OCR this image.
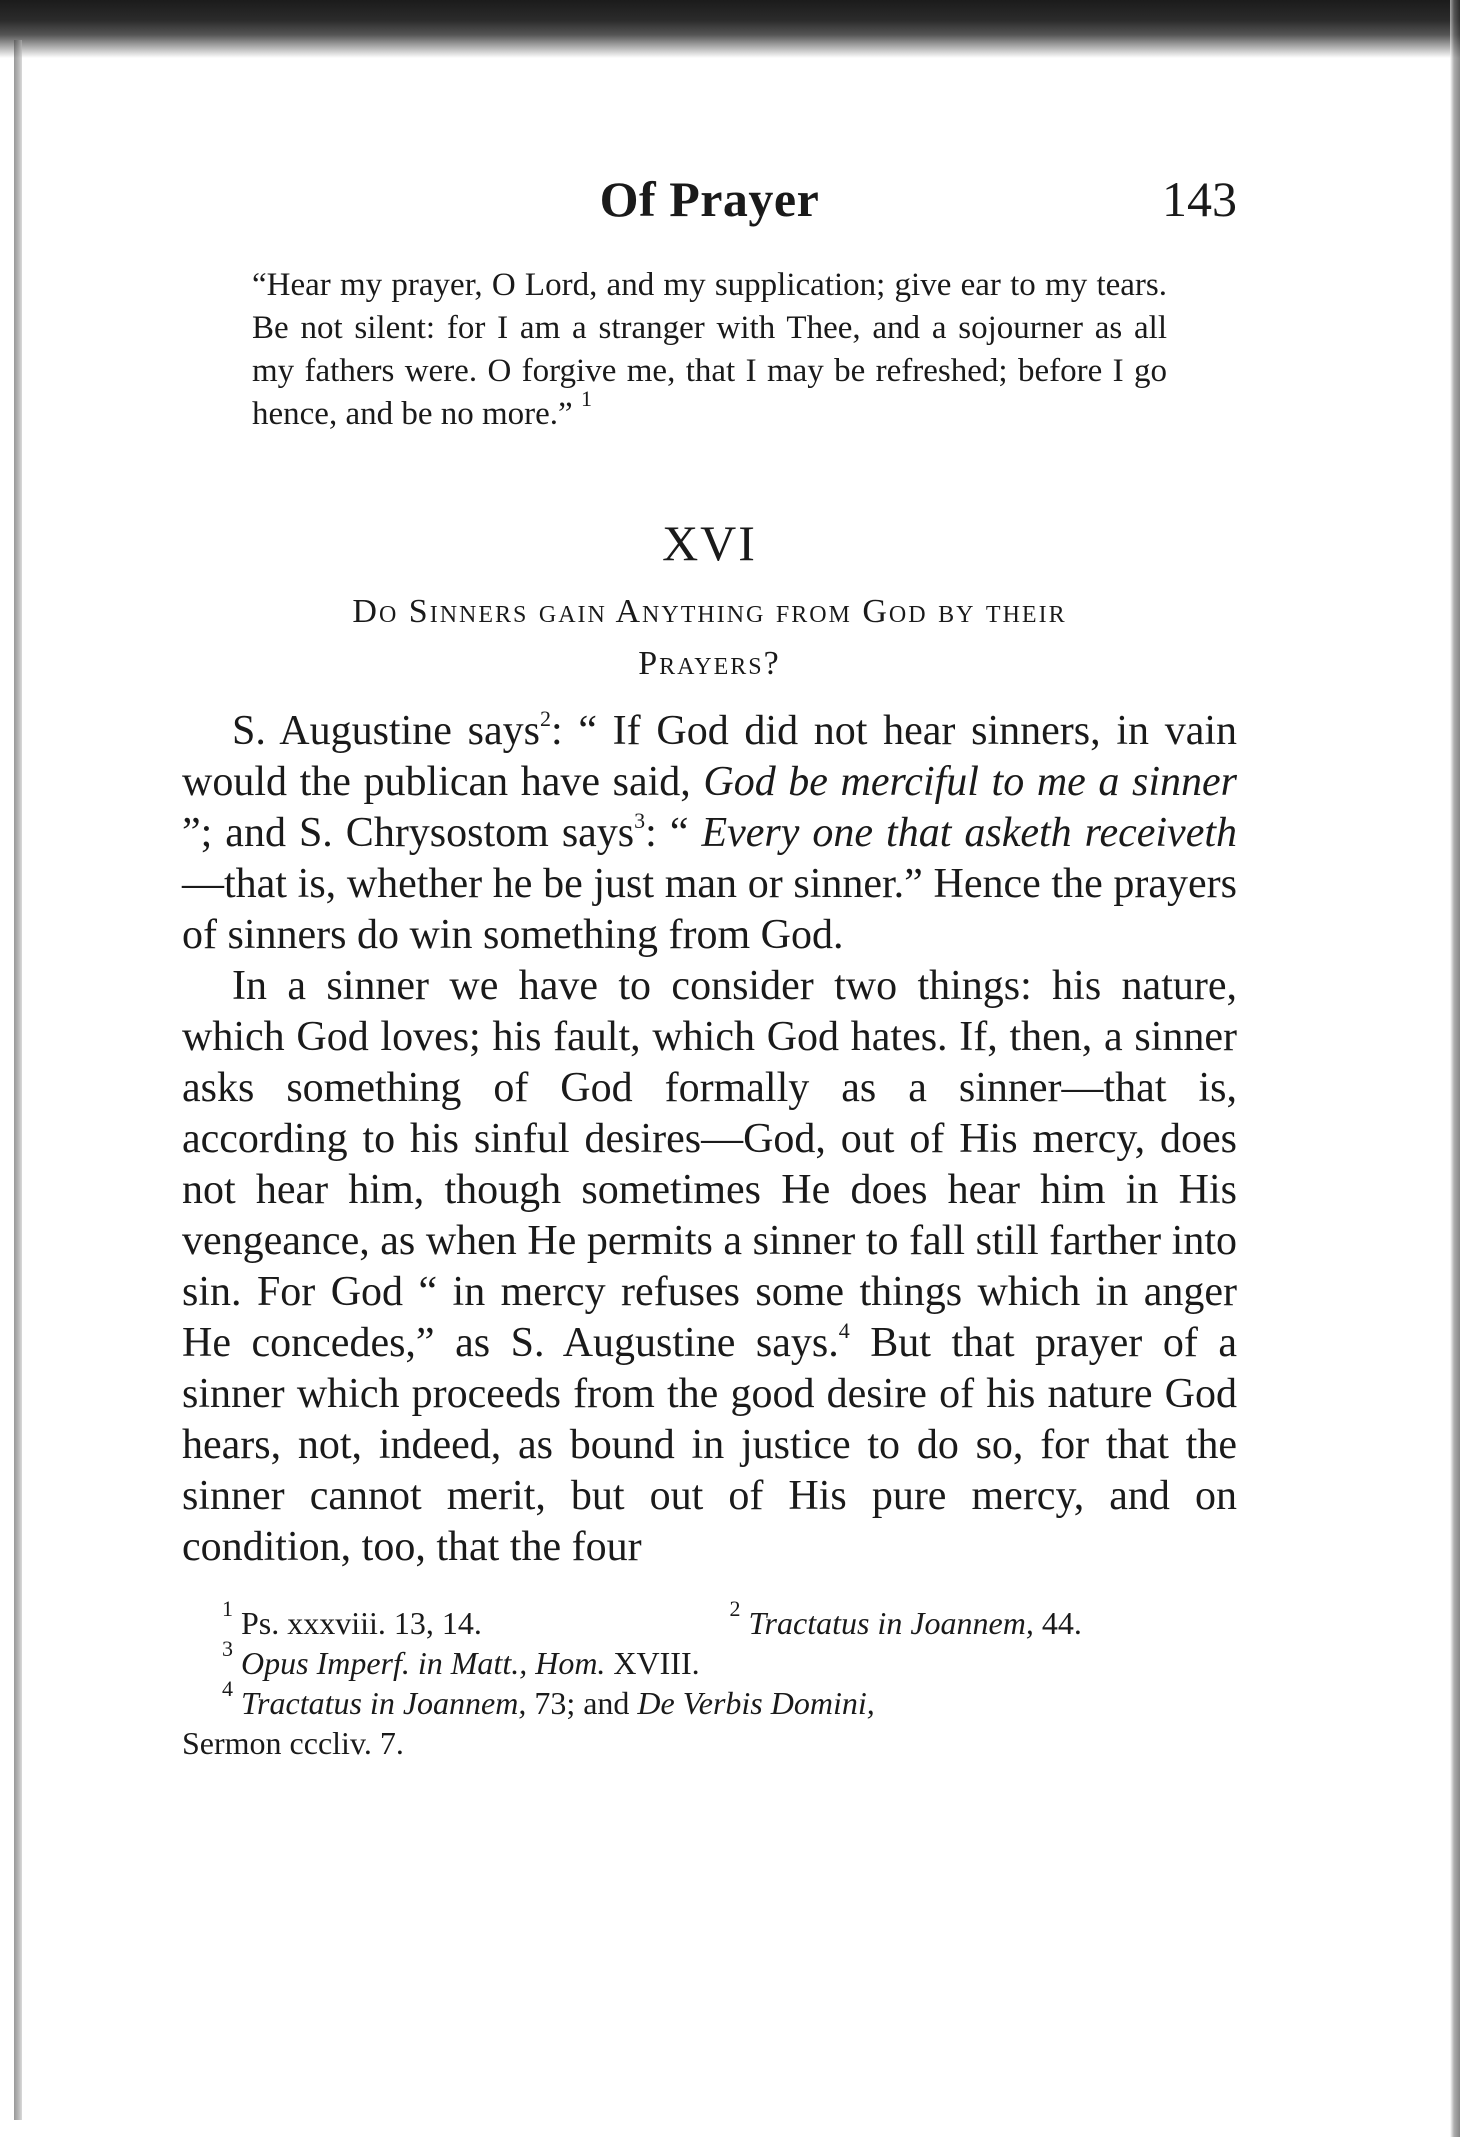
Of Prayer	143
“Hear my prayer, O Lord, and my supplication; give ear to my tears. Be not silent: for I am a stranger with Thee, and a sojourner as all my fathers were. O forgive me, that I may be refreshed; before I go hence, and be no more.” $^1$
XVI
Do Sinners gain Anything from God by their
Prayers?

S. Augustine says$^2$: “ If God did not hear sinners, in vain would the publican have said, God be merciful to me a sinner ”; and S. Chrysostom says$^3$: “ Every one that asketh receiveth—that is, whether he be just man or sinner.” Hence the prayers of sinners do win something from God.

In a sinner we have to consider two things: his nature, which God loves; his fault, which God hates. If, then, a sinner asks something of God formally as a sinner—that is, according to his sinful desires—God, out of His mercy, does not hear him, though sometimes He does hear him in His vengeance, as when He permits a sinner to fall still farther into sin. For God “ in mercy refuses some things which in anger He concedes,” as S. Augustine says.$^4$ But that prayer of a sinner which proceeds from the good desire of his nature God hears, not, indeed, as bound in justice to do so, for that the sinner cannot merit, but out of His pure mercy, and on condition, too, that the four

$^1$ Ps. xxxviii. 13, 14.	$^2$ Tractatus in Joannem, 44.
$^3$ Opus Imperf. in Matt., Hom. XVIII.
$^4$ Tractatus in Joannem, 73; and De Verbis Domini,
Sermon cccliv. 7.
